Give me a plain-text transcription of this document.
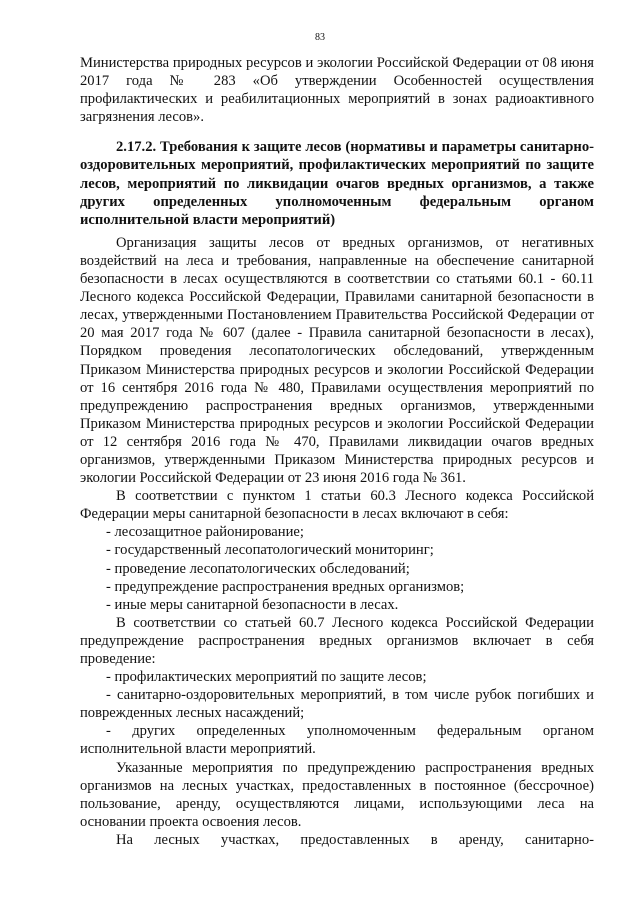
83

Министерства природных ресурсов и экологии Российской Федерации от 08 июня 2017 года № 283 «Об утверждении Особенностей осуществления профилактических и реабилитационных мероприятий в зонах радиоактивного загрязнения лесов».

2.17.2. Требования к защите лесов (нормативы и параметры санитарно-оздоровительных мероприятий, профилактических мероприятий по защите лесов, мероприятий по ликвидации очагов вредных организмов, а также других определенных уполномоченным федеральным органом исполнительной власти мероприятий)

Организация защиты лесов от вредных организмов, от негативных воздействий на леса и требования, направленные на обеспечение санитарной безопасности в лесах осуществляются в соответствии со статьями 60.1 - 60.11 Лесного кодекса Российской Федерации, Правилами санитарной безопасности в лесах, утвержденными Постановлением Правительства Российской Федерации от 20 мая 2017 года № 607 (далее - Правила санитарной безопасности в лесах), Порядком проведения лесопатологических обследований, утвержденным Приказом Министерства природных ресурсов и экологии Российской Федерации от 16 сентября 2016 года № 480, Правилами осуществления мероприятий по предупреждению распространения вредных организмов, утвержденными Приказом Министерства природных ресурсов и экологии Российской Федерации от 12 сентября 2016 года № 470, Правилами ликвидации очагов вредных организмов, утвержденными Приказом Министерства природных ресурсов и экологии Российской Федерации от 23 июня 2016 года № 361.

В соответствии с пунктом 1 статьи 60.3 Лесного кодекса Российской Федерации меры санитарной безопасности в лесах включают в себя:

- лесозащитное районирование;

- государственный лесопатологический мониторинг;

- проведение лесопатологических обследований;

- предупреждение распространения вредных организмов;

- иные меры санитарной безопасности в лесах.

В соответствии со статьей 60.7 Лесного кодекса Российской Федерации предупреждение распространения вредных организмов включает в себя проведение:

- профилактических мероприятий по защите лесов;

- санитарно-оздоровительных мероприятий, в том числе рубок погибших и поврежденных лесных насаждений;

- других определенных уполномоченным федеральным органом исполнительной власти мероприятий.

Указанные мероприятия по предупреждению распространения вредных организмов на лесных участках, предоставленных в постоянное (бессрочное) пользование, аренду, осуществляются лицами, использующими леса на основании проекта освоения лесов.

На лесных участках, предоставленных в аренду, санитарно-
